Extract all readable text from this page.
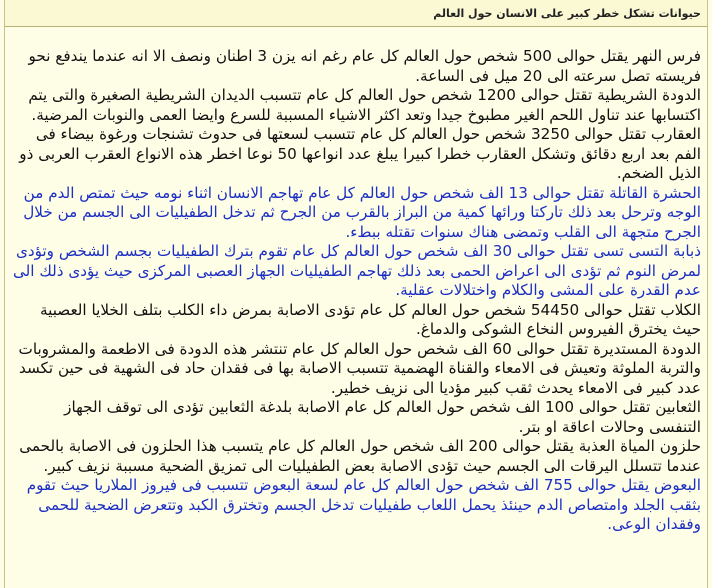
حيوانات تشكل خطر كبير على الانسان حول العالم

فرس النهر يقتل حوالى 500 شخص حول العالم كل عام رغم انه يزن 3 اطنان ونصف الا انه عندما يندفع نحو فريسته تصل سرعته الى 20 ميل فى الساعة.

الدودة الشريطية تقتل حوالى 1200 شخص حول العالم كل عام تتسبب الديدان الشريطية الصغيرة والتى يتم اكتسابها عند تناول اللحم الغير مطبوخ جيدا وتعد اكثر الاشياء المسببة للسرع وايضا العمى والنوبات المرضية.

العقارب تقتل حوالى 3250 شخص حول العالم كل عام تتسبب لسعتها فى حدوث تشنجات ورغوة بيضاء فى الفم بعد اربع دقائق وتشكل العقارب خطرا كبيرا يبلغ عدد انواعها 50 نوعا اخطر هذه الانواع العقرب العربى ذو الذيل الضخم.

الحشرة القاتلة تقتل حوالى 13 الف شخص حول العالم كل عام تهاجم الانسان اثناء نومه حيث تمتص الدم من الوجه وترحل بعد ذلك تاركتا ورائها كمية من البراز بالقرب من الجرح ثم تدخل الطفيليات الى الجسم من خلال الجرح متجهة الى القلب وتمضى هناك سنوات تقتله ببطء.

ذبابة التسى تسى تقتل حوالى 30 الف شخص حول العالم كل عام تقوم بترك الطفيليات بجسم الشخص وتؤدى لمرض النوم ثم تؤدى الى اعراض الحمى بعد ذلك تهاجم الطفيليات الجهاز العصبى المركزى حيث يؤدى ذلك الى عدم القدرة على المشى والكلام واختلالات عقلية.

الكلاب تقتل حوالى 54450 شخص حول العالم كل عام تؤدى الاصابة بمرض داء الكلب بتلف الخلايا العصبية حيث يخترق الفيروس النخاع الشوكى والدماغ.

الدودة المستديرة تقتل حوالى 60 الف شخص حول العالم كل عام تنتشر هذه الدودة فى الاطعمة والمشروبات والتربة الملوثة وتعيش فى الامعاء والقناة الهضمية تتسبب الاصابة بها فى فقدان حاد فى الشهية فى حين تكسد عدد كبير فى الامعاء يحدث ثقب كبير مؤديا الى نزيف خطير.

الثعابين تقتل حوالى 100 الف شخص حول العالم كل عام الاصابة بلدغة الثعابين تؤدى الى توقف الجهاز التنفسى وحالات اعاقة او بتر.

حلزون المياة العذبة يقتل حوالى 200 الف شخص حول العالم كل عام يتسبب هذا الحلزون فى الاصابة بالحمى عندما تتسلل اليرقات الى الجسم حيث تؤدى الاصابة بعض الطفيليات الى تمزيق الضحية مسببة نزيف كبير.

البعوض يقتل حوالى 755 الف شخص حول العالم كل عام لسعة البعوض تتسبب فى فيروز الملاريا حيث تقوم بثقب الجلد وامتصاص الدم حينئذ يحمل اللعاب طفيليات تدخل الجسم وتخترق الكبد وتتعرض الضحية للحمى وفقدان الوعى.
